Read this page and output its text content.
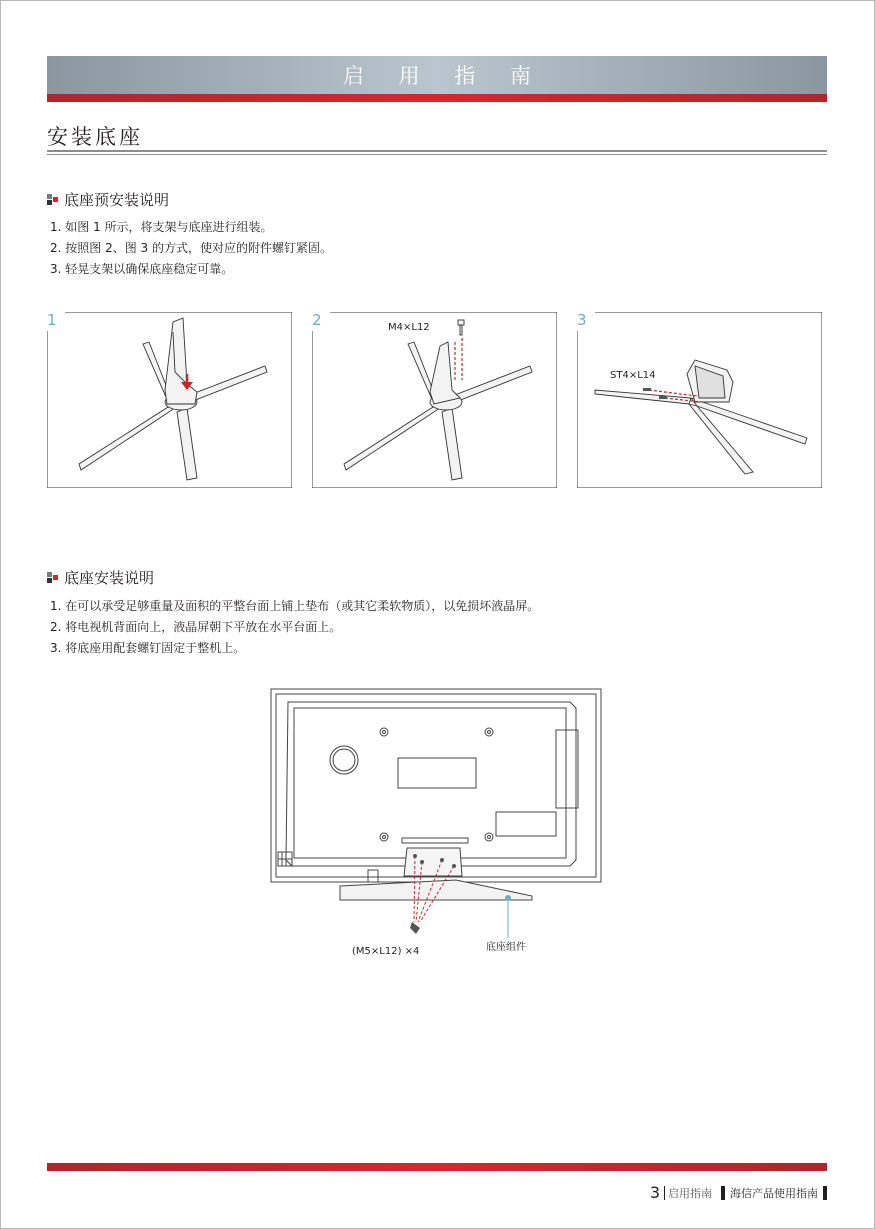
启 用 指 南
安装底座
底座预安装说明
1. 如图 1 所示，将支架与底座进行组装。
2. 按照图 2、图 3 的方式，使对应的附件螺钉紧固。
3. 轻晃支架以确保底座稳定可靠。
1	2	M4×L12	3
ST4×L14
底座安装说明
1. 在可以承受足够重量及面积的平整台面上铺上垫布（或其它柔软物质），以免损坏液晶屏。
2. 将电视机背面向上，液晶屏朝下平放在水平台面上。
3. 将底座用配套螺钉固定于整机上。
(M5×L12) ×4	底座组件
3 启用指南 海信产品使用指南
